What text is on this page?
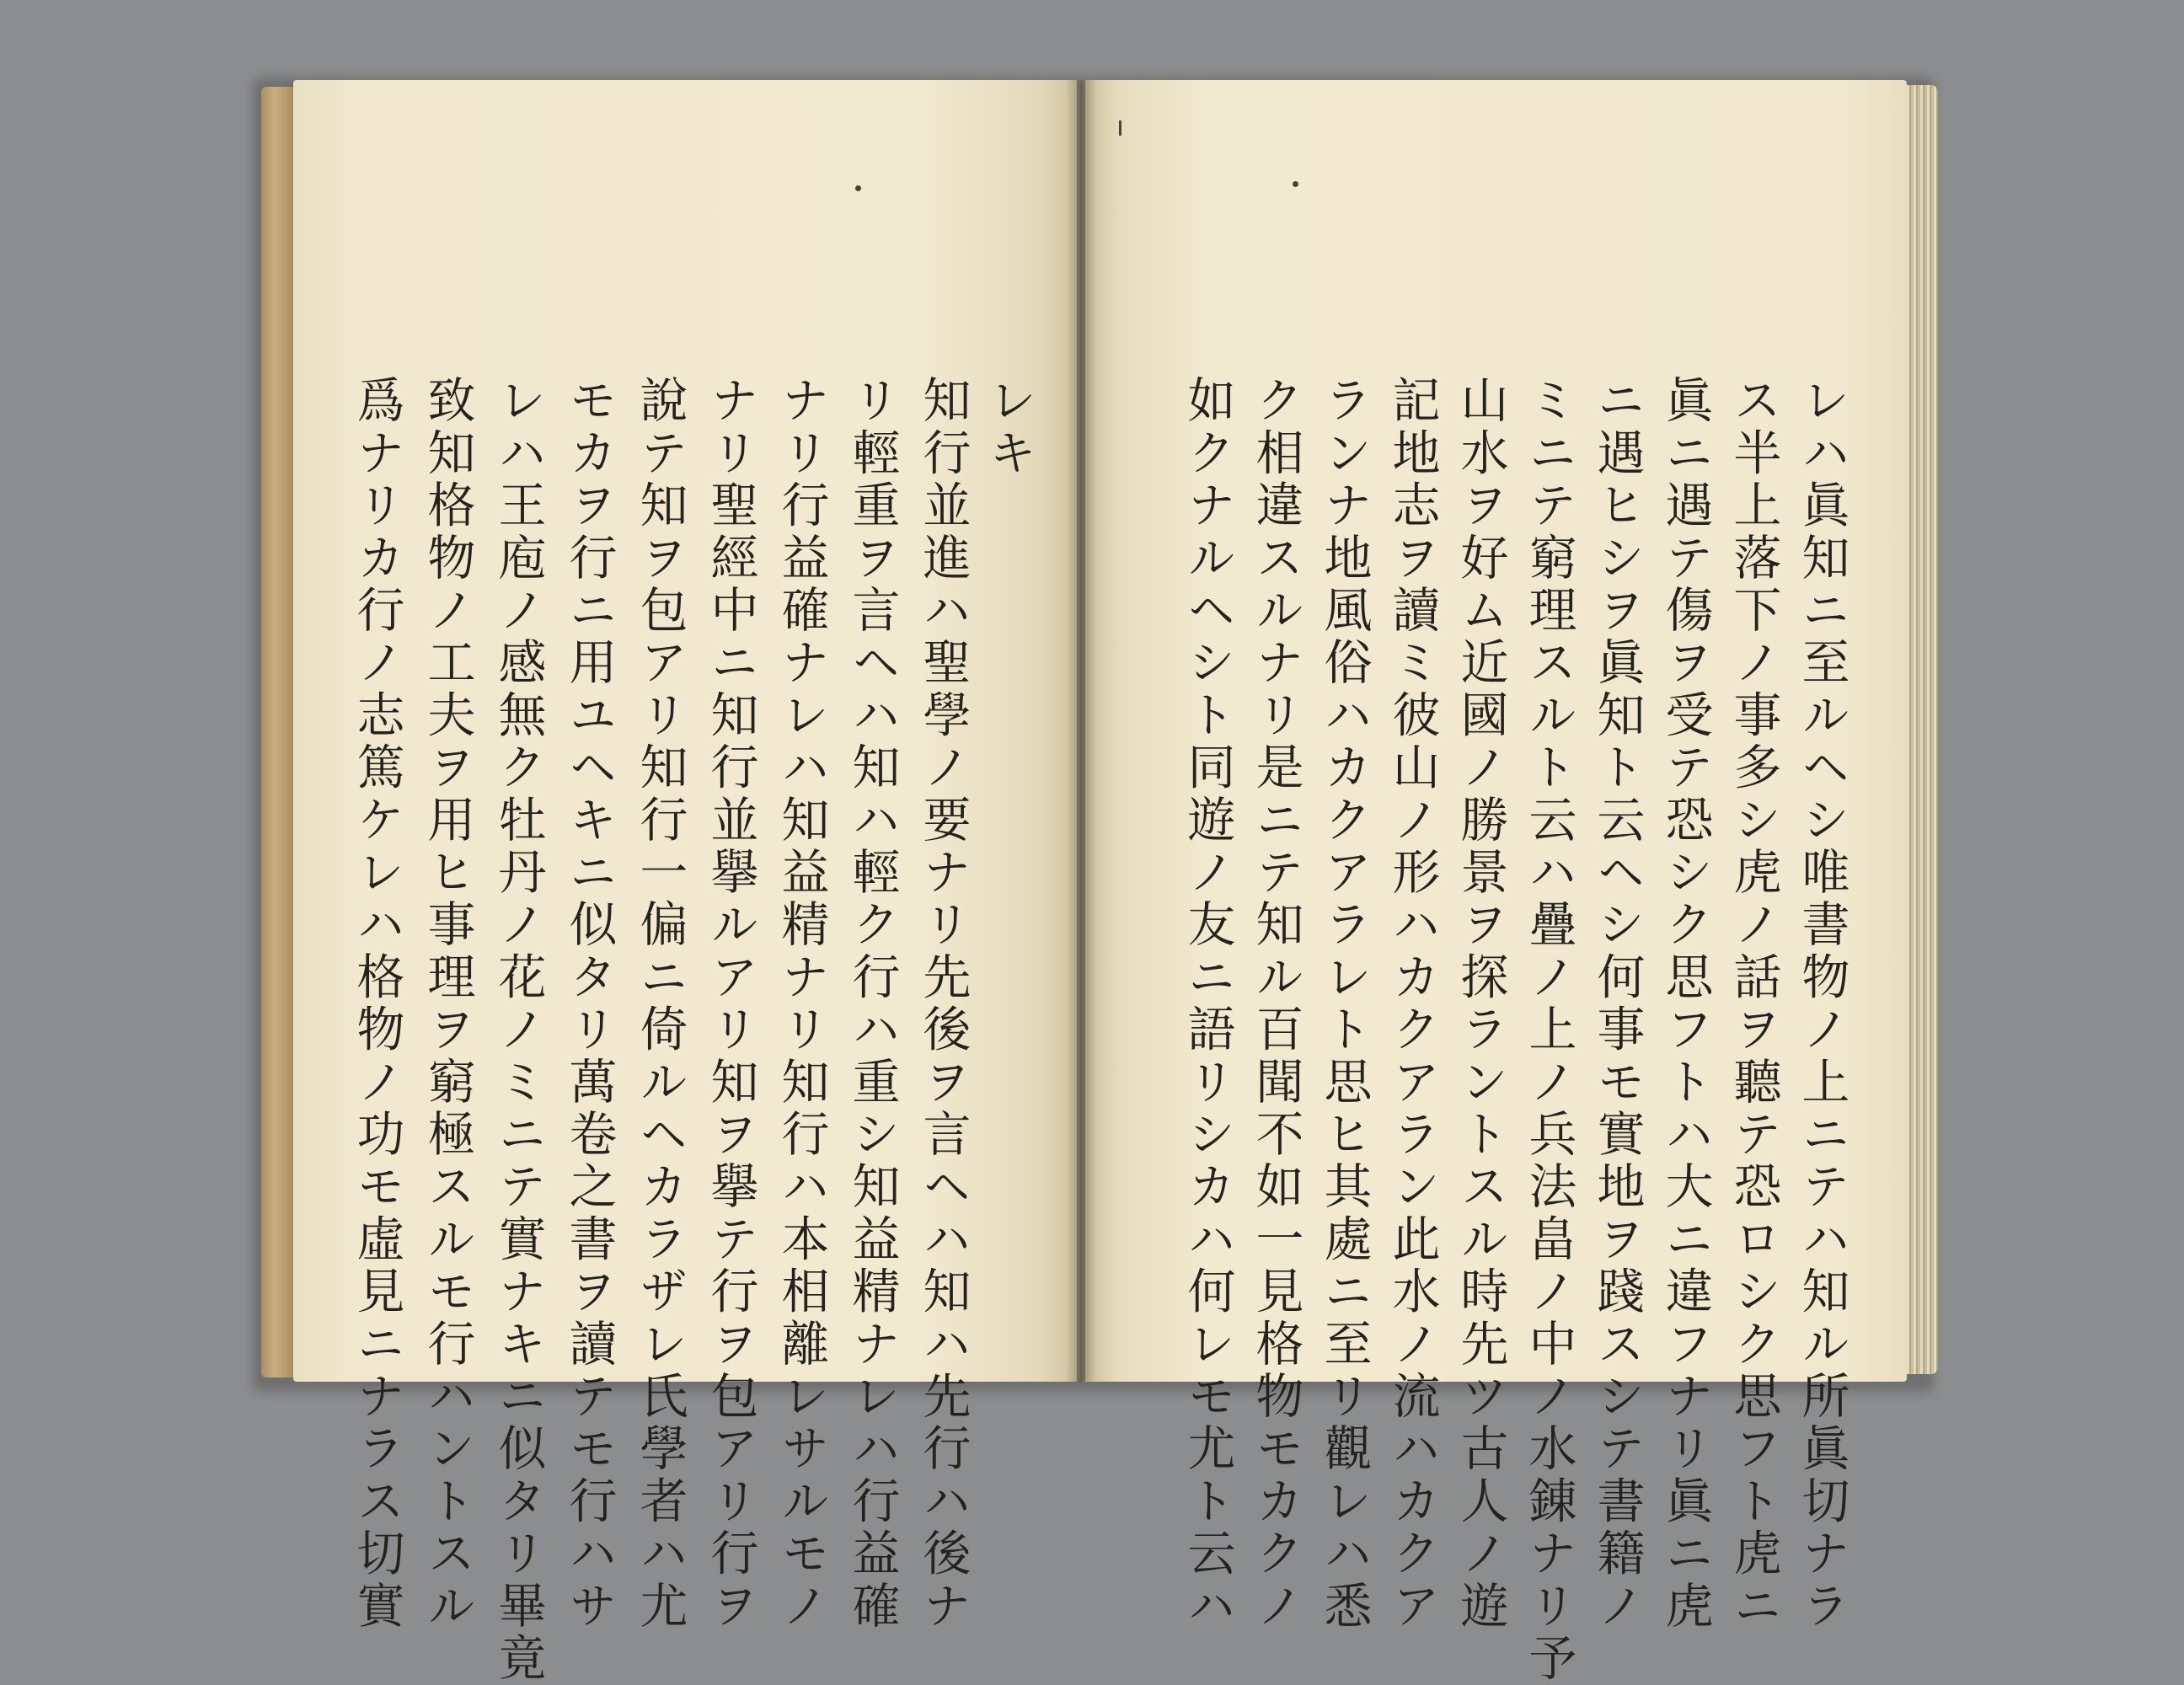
レキ
知行並進ハ聖學ノ要ナリ先後ヲ言ヘハ知ハ先行ハ後ナ
リ輕重ヲ言ヘハ知ハ輕ク行ハ重シ知益精ナレハ行益確
ナリ行益確ナレハ知益精ナリ知行ハ本相離レサルモノ
ナリ聖經中ニ知行並擧ルアリ知ヲ擧テ行ヲ包アリ行ヲ
說テ知ヲ包アリ知行一偏ニ倚ルヘカラザレ氏學者ハ尤
モカヲ行ニ用ユヘキニ似タリ萬卷之書ヲ讀テモ行ハサ
レハ王庖ノ感無ク牡丹ノ花ノミニテ實ナキニ似タリ畢竟
致知格物ノ工夫ヲ用ヒ事理ヲ窮極スルモ行ハントスル
爲ナリカ行ノ志篤ケレハ格物ノ功モ虛見ニナラス切實	レハ眞知ニ至ルヘシ唯書物ノ上ニテハ知ル所眞切ナラ
ス半上落下ノ事多シ虎ノ話ヲ聽テ恐ロシク思フト虎ニ
眞ニ遇テ傷ヲ受テ恐シク思フトハ大ニ違フナリ眞ニ虎
ニ遇ヒシヲ眞知ト云ヘシ何事モ實地ヲ踐スシテ書籍ノ
ミニテ窮理スルト云ハ疊ノ上ノ兵法畠ノ中ノ水錬ナリ予
山水ヲ好ム近國ノ勝景ヲ探ラントスル時先ツ古人ノ遊
記地志ヲ讀ミ彼山ノ形ハカクアラン此水ノ流ハカクア
ランナ地風俗ハカクアラレト思ヒ其處ニ至リ觀レハ悉
ク相違スルナリ是ニテ知ル百聞不如一見格物モカクノ
如クナルヘシト同遊ノ友ニ語リシカハ何レモ尤ト云ハ
